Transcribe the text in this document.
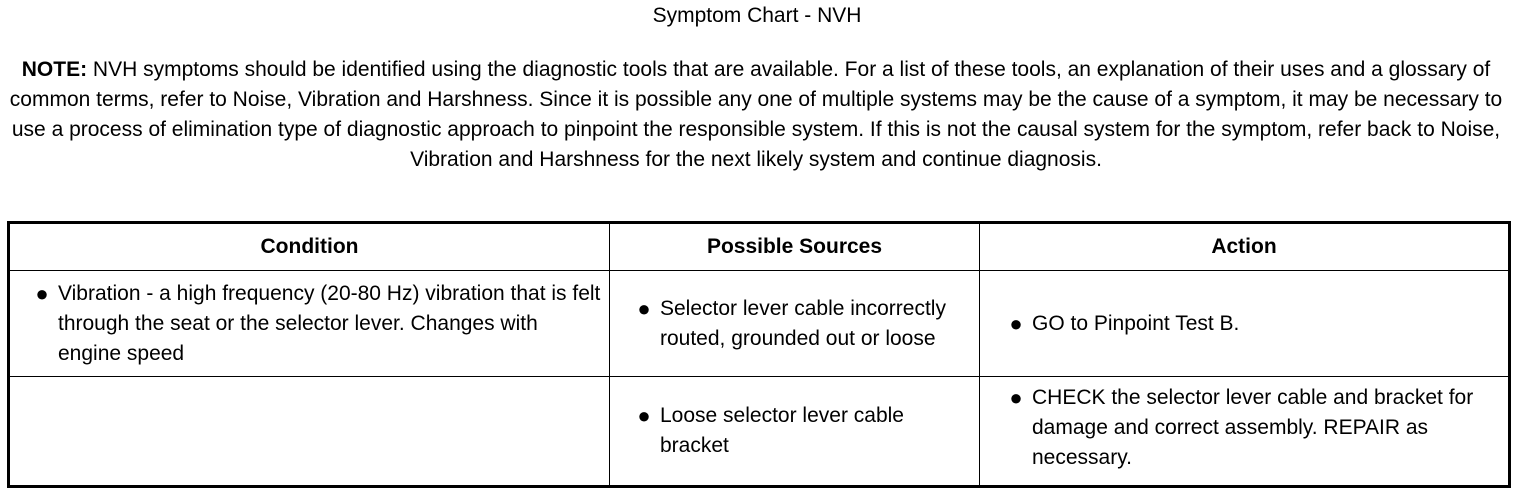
Symptom Chart - NVH
NOTE: NVH symptoms should be identified using the diagnostic tools that are available. For a list of these tools, an explanation of their uses and a glossary of common terms, refer to Noise, Vibration and Harshness. Since it is possible any one of multiple systems may be the cause of a symptom, it may be necessary to use a process of elimination type of diagnostic approach to pinpoint the responsible system. If this is not the causal system for the symptom, refer back to Noise, Vibration and Harshness for the next likely system and continue diagnosis.
Condition	Possible Sources	Action

● Vibration - a high frequency (20-80 Hz) vibration that is felt through the seat or the selector lever. Changes with engine speed	● Selector lever cable incorrectly routed, grounded out or loose	● GO to Pinpoint Test B.

	● Loose selector lever cable bracket	● CHECK the selector lever cable and bracket for damage and correct assembly. REPAIR as necessary.
